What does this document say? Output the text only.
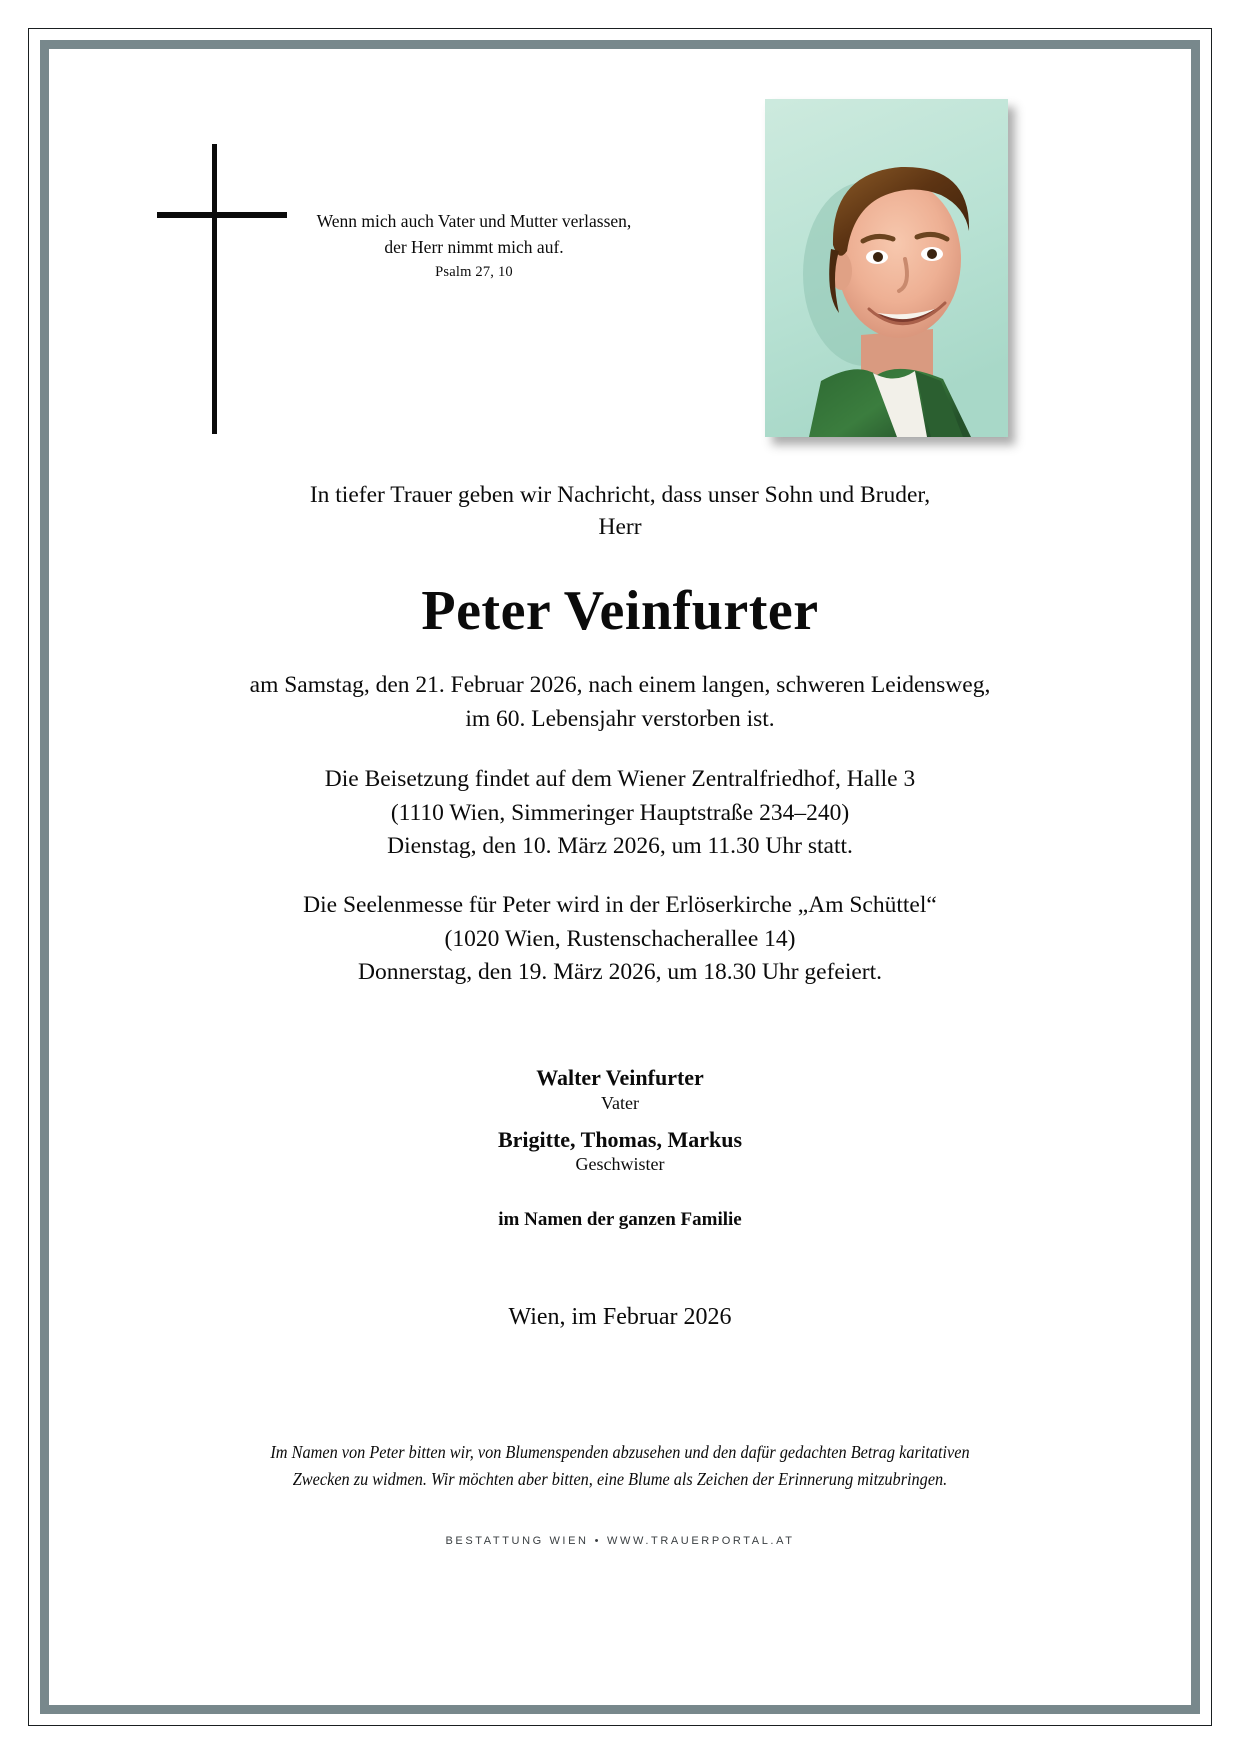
Wenn mich auch Vater und Mutter verlassen,
der Herr nimmt mich auf.
Psalm 27, 10
In tiefer Trauer geben wir Nachricht, dass unser Sohn und Bruder,
Herr
Peter Veinfurter
am Samstag, den 21. Februar 2026, nach einem langen, schweren Leidensweg,
im 60. Lebensjahr verstorben ist.
Die Beisetzung findet auf dem Wiener Zentralfriedhof, Halle 3
(1110 Wien, Simmeringer Hauptstraße 234–240)
Dienstag, den 10. März 2026, um 11.30 Uhr statt.
Die Seelenmesse für Peter wird in der Erlöserkirche „Am Schüttel“
(1020 Wien, Rustenschacherallee 14)
Donnerstag, den 19. März 2026, um 18.30 Uhr gefeiert.
Walter Veinfurter
Vater
Brigitte, Thomas, Markus
Geschwister
im Namen der ganzen Familie
Wien, im Februar 2026
Im Namen von Peter bitten wir, von Blumenspenden abzusehen und den dafür gedachten Betrag karitativen
Zwecken zu widmen. Wir möchten aber bitten, eine Blume als Zeichen der Erinnerung mitzubringen.
BESTATTUNG WIEN • WWW.TRAUERPORTAL.AT
